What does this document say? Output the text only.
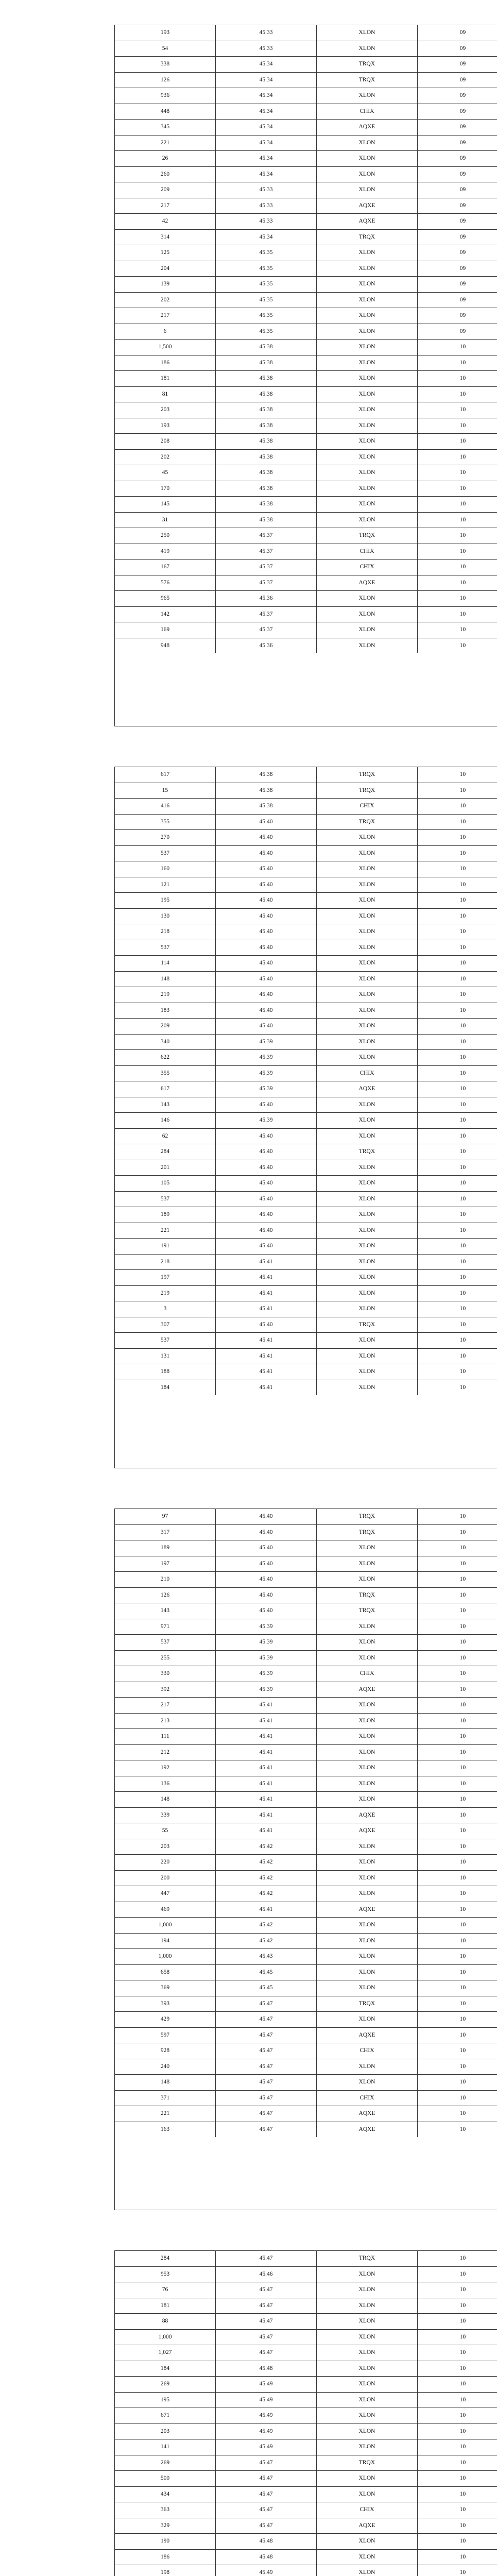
193	45.33	XLON	09
54	45.33	XLON	09
338	45.34	TRQX	09
126	45.34	TRQX	09
936	45.34	XLON	09
448	45.34	CHIX	09
345	45.34	AQXE	09
221	45.34	XLON	09
26	45.34	XLON	09
260	45.34	XLON	09
209	45.33	XLON	09
217	45.33	AQXE	09
42	45.33	AQXE	09
314	45.34	TRQX	09
125	45.35	XLON	09
204	45.35	XLON	09
139	45.35	XLON	09
202	45.35	XLON	09
217	45.35	XLON	09
6	45.35	XLON	09
1,500	45.38	XLON	10
186	45.38	XLON	10
181	45.38	XLON	10
81	45.38	XLON	10
203	45.38	XLON	10
193	45.38	XLON	10
208	45.38	XLON	10
202	45.38	XLON	10
45	45.38	XLON	10
170	45.38	XLON	10
145	45.38	XLON	10
31	45.38	XLON	10
250	45.37	TRQX	10
419	45.37	CHIX	10
167	45.37	CHIX	10
576	45.37	AQXE	10
965	45.36	XLON	10
142	45.37	XLON	10
169	45.37	XLON	10
948	45.36	XLON	10
617	45.38	TRQX	10
15	45.38	TRQX	10
416	45.38	CHIX	10
355	45.40	TRQX	10
270	45.40	XLON	10
537	45.40	XLON	10
160	45.40	XLON	10
121	45.40	XLON	10
195	45.40	XLON	10
130	45.40	XLON	10
218	45.40	XLON	10
537	45.40	XLON	10
114	45.40	XLON	10
148	45.40	XLON	10
219	45.40	XLON	10
183	45.40	XLON	10
209	45.40	XLON	10
340	45.39	XLON	10
622	45.39	XLON	10
355	45.39	CHIX	10
617	45.39	AQXE	10
143	45.40	XLON	10
146	45.39	XLON	10
62	45.40	XLON	10
284	45.40	TRQX	10
201	45.40	XLON	10
105	45.40	XLON	10
537	45.40	XLON	10
189	45.40	XLON	10
221	45.40	XLON	10
191	45.40	XLON	10
218	45.41	XLON	10
197	45.41	XLON	10
219	45.41	XLON	10
3	45.41	XLON	10
307	45.40	TRQX	10
537	45.41	XLON	10
131	45.41	XLON	10
188	45.41	XLON	10
184	45.41	XLON	10
97	45.40	TRQX	10
317	45.40	TRQX	10
189	45.40	XLON	10
197	45.40	XLON	10
210	45.40	XLON	10
126	45.40	TRQX	10
143	45.40	TRQX	10
971	45.39	XLON	10
537	45.39	XLON	10
255	45.39	XLON	10
330	45.39	CHIX	10
392	45.39	AQXE	10
217	45.41	XLON	10
213	45.41	XLON	10
111	45.41	XLON	10
212	45.41	XLON	10
192	45.41	XLON	10
136	45.41	XLON	10
148	45.41	XLON	10
339	45.41	AQXE	10
55	45.41	AQXE	10
203	45.42	XLON	10
220	45.42	XLON	10
200	45.42	XLON	10
447	45.42	XLON	10
469	45.41	AQXE	10
1,000	45.42	XLON	10
194	45.42	XLON	10
1,000	45.43	XLON	10
658	45.45	XLON	10
369	45.45	XLON	10
393	45.47	TRQX	10
429	45.47	XLON	10
597	45.47	AQXE	10
928	45.47	CHIX	10
240	45.47	XLON	10
148	45.47	XLON	10
371	45.47	CHIX	10
221	45.47	AQXE	10
163	45.47	AQXE	10
284	45.47	TRQX	10
953	45.46	XLON	10
76	45.47	XLON	10
181	45.47	XLON	10
88	45.47	XLON	10
1,000	45.47	XLON	10
1,027	45.47	XLON	10
184	45.48	XLON	10
269	45.49	XLON	10
195	45.49	XLON	10
671	45.49	XLON	10
203	45.49	XLON	10
141	45.49	XLON	10
269	45.47	TRQX	10
500	45.47	XLON	10
434	45.47	XLON	10
363	45.47	CHIX	10
329	45.47	AQXE	10
190	45.48	XLON	10
186	45.48	XLON	10
198	45.49	XLON	10
